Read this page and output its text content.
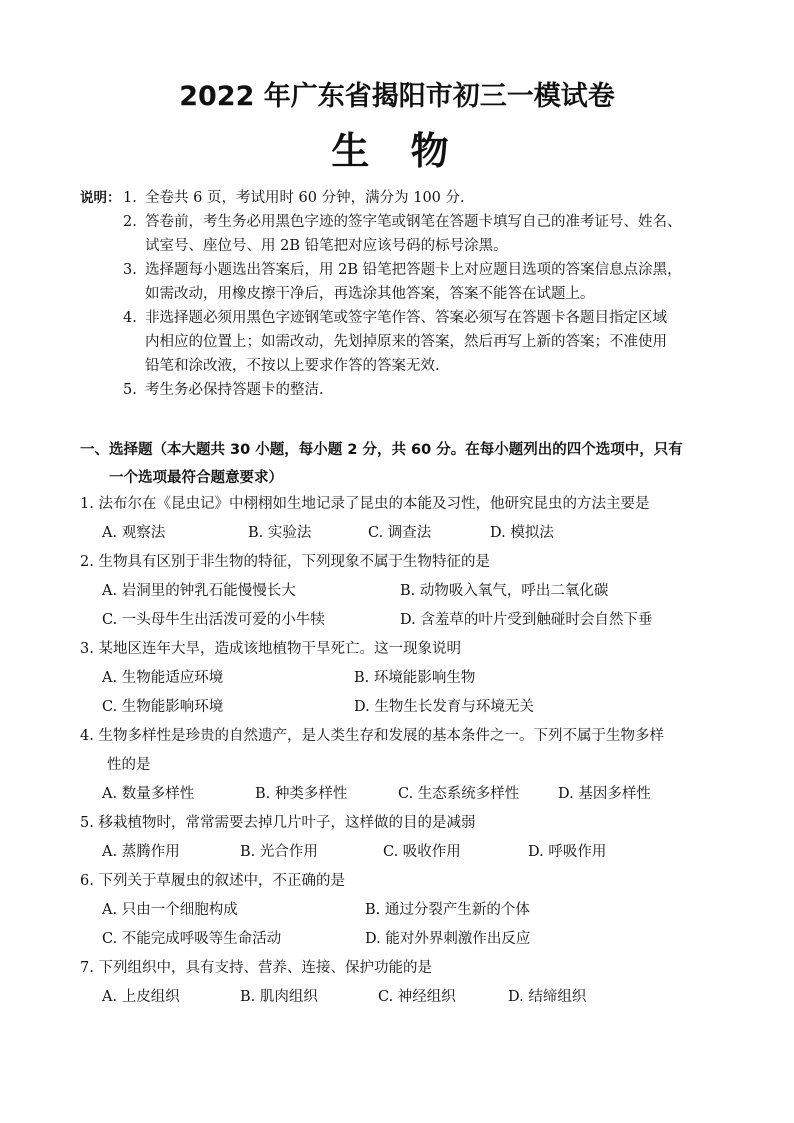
2022 年广东省揭阳市初三一模试卷
生 物
说明： 1. 全卷共 6 页，考试用时 60 分钟，满分为 100 分.
2. 答卷前，考生务必用黑色字迹的签字笔或钢笔在答题卡填写自己的准考证号、姓名、
试室号、座位号、用 2B 铅笔把对应该号码的标号涂黑。
3. 选择题每小题选出答案后，用 2B 铅笔把答题卡上对应题目选项的答案信息点涂黑，
如需改动，用橡皮擦干净后，再选涂其他答案，答案不能答在试题上。
4. 非选择题必须用黑色字迹钢笔或签字笔作答、答案必须写在答题卡各题目指定区域
内相应的位置上；如需改动，先划掉原来的答案，然后再写上新的答案；不准使用
铅笔和涂改液，不按以上要求作答的答案无效.
5. 考生务必保持答题卡的整洁.
一、选择题（本大题共 30 小题，每小题 2 分，共 60 分。在每小题列出的四个选项中，只有
一个选项最符合题意要求）
1. 法布尔在《昆虫记》中栩栩如生地记录了昆虫的本能及习性，他研究昆虫的方法主要是
A. 观察法	B. 实验法	C. 调查法	D. 模拟法
2. 生物具有区别于非生物的特征，下列现象不属于生物特征的是
A. 岩洞里的钟乳石能慢慢长大	B. 动物吸入氧气，呼出二氧化碳
C. 一头母牛生出活泼可爱的小牛犊	D. 含羞草的叶片受到触碰时会自然下垂
3. 某地区连年大旱，造成该地植物干旱死亡。这一现象说明
A. 生物能适应环境	B. 环境能影响生物
C. 生物能影响环境	D. 生物生长发育与环境无关
4. 生物多样性是珍贵的自然遗产，是人类生存和发展的基本条件之一。下列不属于生物多样
性的是
A. 数量多样性	B. 种类多样性	C. 生态系统多样性	D. 基因多样性
5. 移栽植物时，常常需要去掉几片叶子，这样做的目的是减弱
A. 蒸腾作用	B. 光合作用	C. 吸收作用	D. 呼吸作用
6. 下列关于草履虫的叙述中，不正确的是
A. 只由一个细胞构成	B. 通过分裂产生新的个体
C. 不能完成呼吸等生命活动	D. 能对外界刺激作出反应
7. 下列组织中，具有支持、营养、连接、保护功能的是
A. 上皮组织	B. 肌肉组织	C. 神经组织	D. 结缔组织
